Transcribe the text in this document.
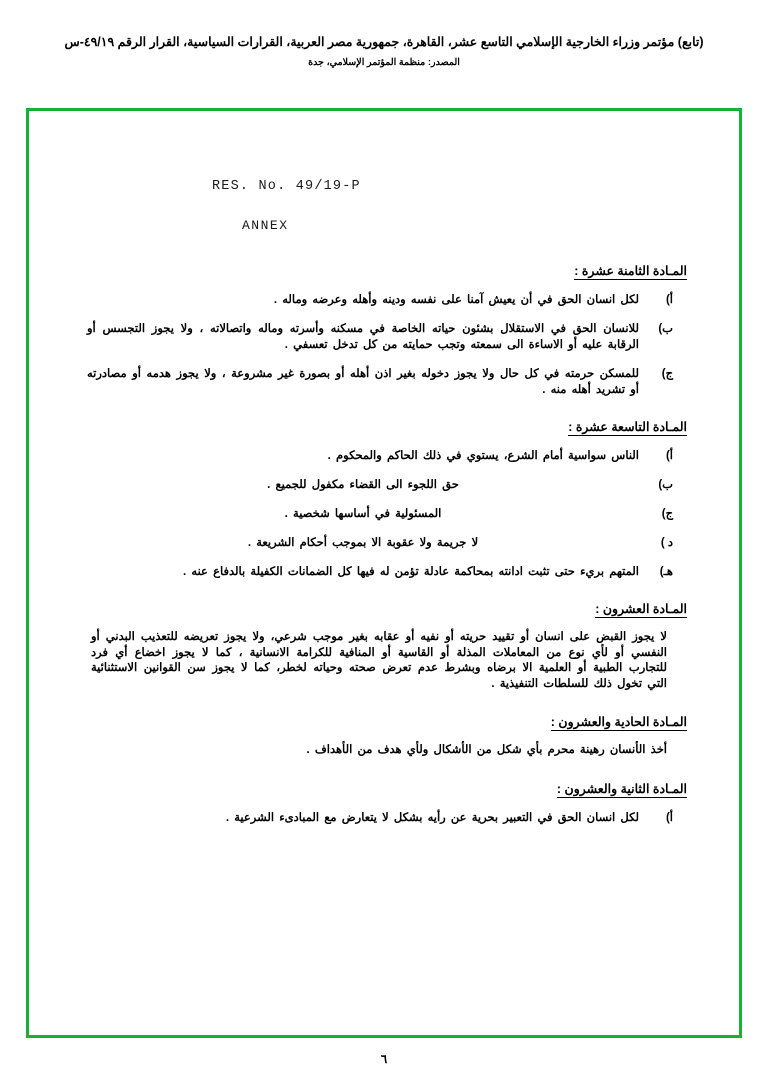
(تابع) مؤتمر وزراء الخارجية الإسلامي التاسع عشر، القاهرة، جمهورية مصر العربية، القرارات السياسية، القرار الرقم ٤٩/١٩-س
المصدر: منظمة المؤتمر الإسلامي، جدة
RES. No. 49/19-P
ANNEX
المـادة الثامنة عشرة :
أ)
لكل انسان الحق في أن يعيش آمنا على نفسه ودينه وأهله وعرضه وماله .
ب)
للانسان الحق في الاستقلال بشئون حياته الخاصة في مسكنه وأسرته وماله واتصالاته ، ولا يجوز التجسس أو الرقابة عليه أو الاساءة الى سمعته وتجب حمايته من كل تدخل تعسفي .
ج)
للمسكن حرمته في كل حال ولا يجوز دخوله بغير اذن أهله أو بصورة غير مشروعة ، ولا يجوز هدمه أو مصادرته أو تشريد أهله منه .
المـادة التاسعة عشرة :
أ)
الناس سواسية أمام الشرع، يستوي في ذلك الحاكم والمحكوم .
ب)
حق اللجوء الى القضاء مكفول للجميع .
ج)
المسئولية في أساسها شخصية .
د )
لا جريمة ولا عقوبة الا بموجب أحكام الشريعة .
هـ)
المتهم بريء حتى تثبت ادانته بمحاكمة عادلة تؤمن له فيها كل الضمانات الكفيلة بالدفاع عنه .
المـادة العشرون :
لا يجوز القبض على انسان أو تقييد حريته أو نفيه أو عقابه بغير موجب شرعي، ولا يجوز تعريضه للتعذيب البدني أو النفسي أو لأي نوع من المعاملات المذلة أو القاسية أو المنافية للكرامة الانسانية ، كما لا يجوز اخضاع أي فرد للتجارب الطبية أو العلمية الا برضاه وبشرط عدم تعرض صحته وحياته لخطر، كما لا يجوز سن القوانين الاستثنائية التي تخول ذلك للسلطات التنفيذية .
المـادة الحادية والعشرون :
أخذ الأنسان رهينة محرم بأي شكل من الأشكال ولأي هدف من الأهداف .
المـادة الثانية والعشرون :
أ)
لكل انسان الحق في التعبير بحرية عن رأيه بشكل لا يتعارض مع المبادىء الشرعية .
٦
